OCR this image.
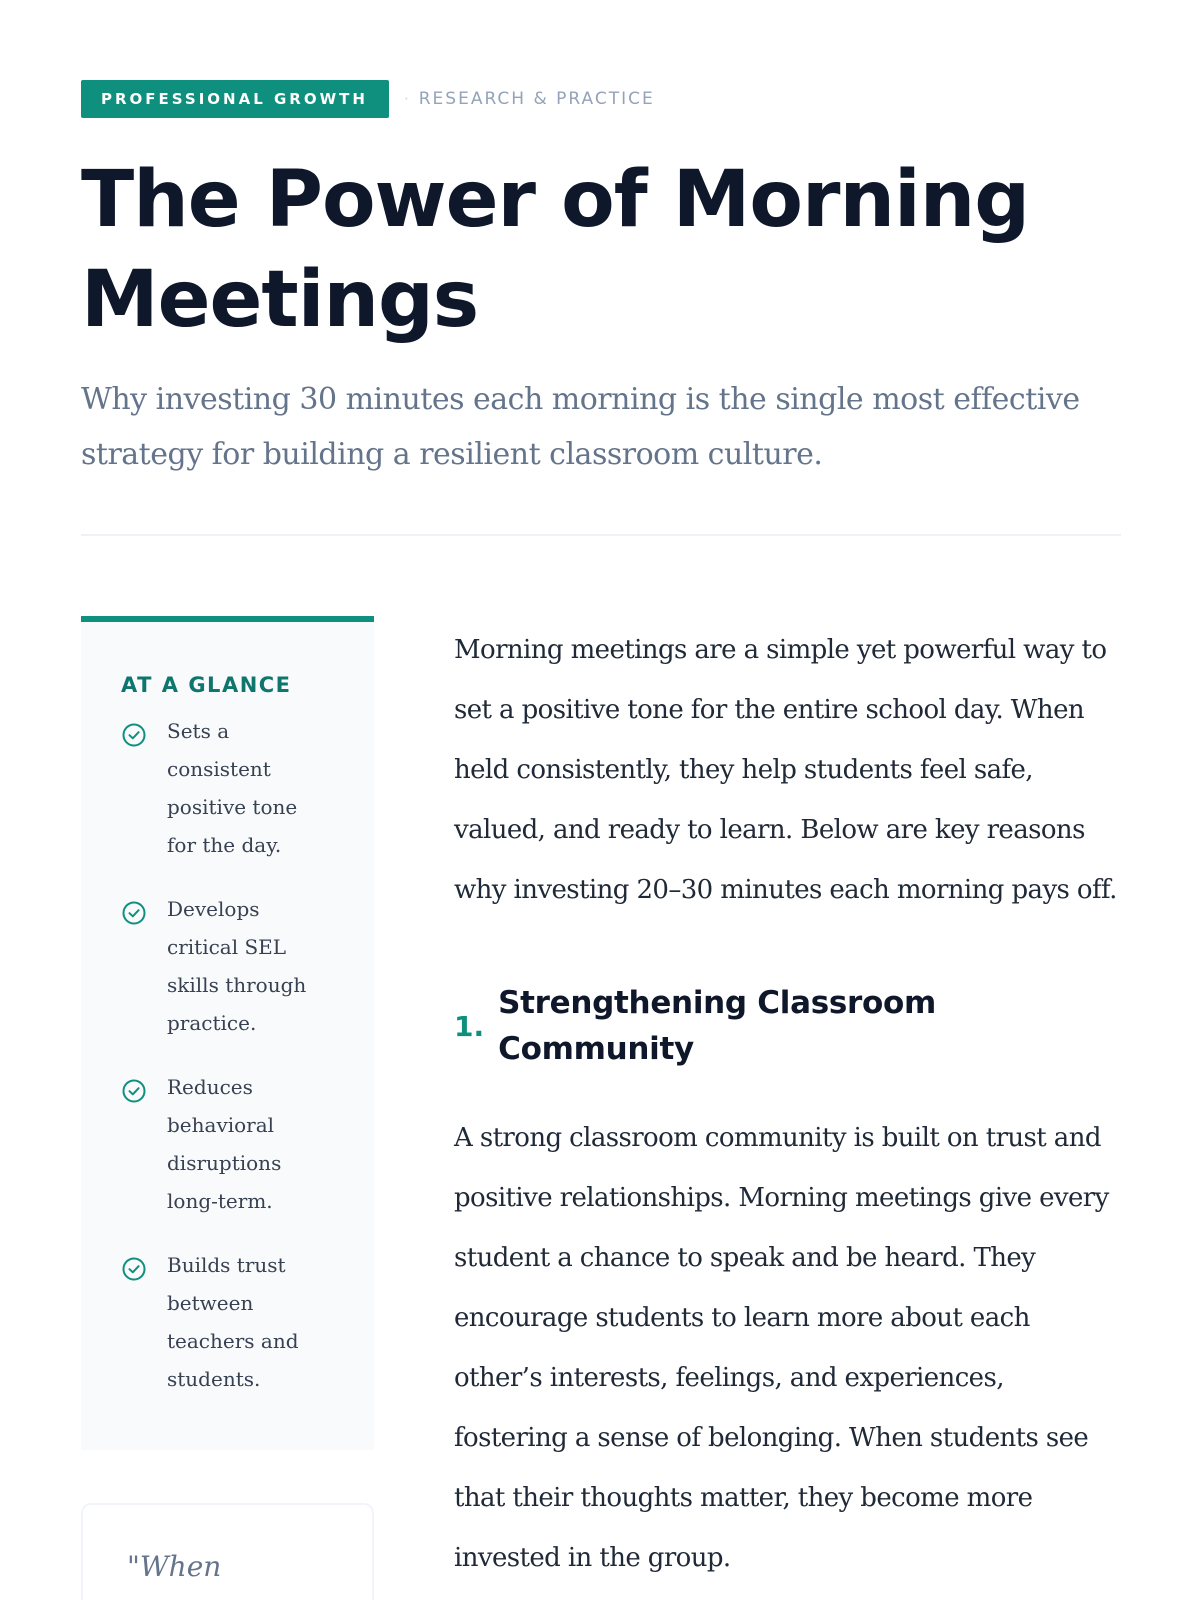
PROFESSIONAL GROWTH	· RESEARCH & PRACTICE
The Power of Morning Meetings

Why investing 30 minutes each morning is the single most effective strategy for building a resilient classroom culture.

AT A GLANCE
Sets a consistent positive tone for the day.
Develops critical SEL skills through practice.
Reduces behavioral disruptions long-term.
Builds trust between teachers and students.
"When

Morning meetings are a simple yet powerful way to set a positive tone for the entire school day. When held consistently, they help students feel safe, valued, and ready to learn. Below are key reasons why investing 20–30 minutes each morning pays off.

1.
Strengthening Classroom Community

A strong classroom community is built on trust and positive relationships. Morning meetings give every student a chance to speak and be heard. They encourage students to learn more about each other’s interests, feelings, and experiences, fostering a sense of belonging. When students see that their thoughts matter, they become more invested in the group.
